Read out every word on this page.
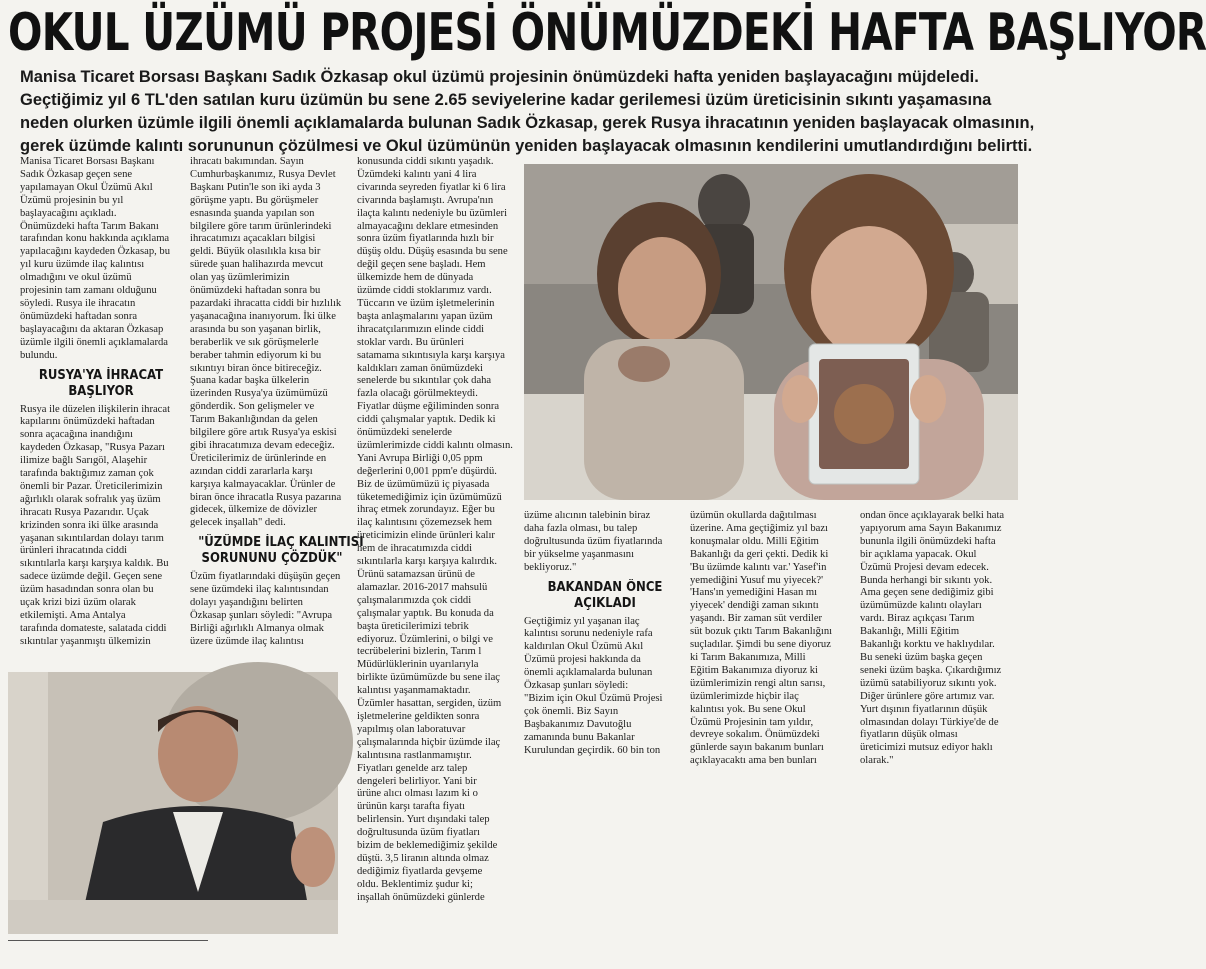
OKUL ÜZÜMÜ PROJESİ ÖNÜMÜZDEKİ HAFTA BAŞLIYOR
Manisa Ticaret Borsası Başkanı Sadık Özkasap okul üzümü projesinin önümüzdeki hafta yeniden başlayacağını müjdeledi.
Geçtiğimiz yıl 6 TL'den satılan kuru üzümün bu sene 2.65 seviyelerine kadar gerilemesi üzüm üreticisinin sıkıntı yaşamasına
neden olurken üzümle ilgili önemli açıklamalarda bulunan Sadık Özkasap, gerek Rusya ihracatının yeniden başlayacak olmasının,
gerek üzümde kalıntı sorununun çözülmesi ve Okul üzümünün yeniden başlayacak olmasının kendilerini umutlandırdığını belirtti.
Manisa Ticaret Borsası Başkanı
Sadık Özkasap geçen sene
yapılamayan Okul Üzümü Akıl
Üzümü projesinin bu yıl
başlayacağını açıkladı.
Önümüzdeki hafta Tarım Bakanı
tarafından konu hakkında açıklama
yapılacağını kaydeden Özkasap, bu
yıl kuru üzümde ilaç kalıntısı
olmadığını ve okul üzümü
projesinin tam zamanı olduğunu
söyledi. Rusya ile ihracatın
önümüzdeki haftadan sonra
başlayacağını da aktaran Özkasap
üzümle ilgili önemli açıklamalarda
bulundu.
RUSYA'YA İHRACAT
BAŞLIYOR
Rusya ile düzelen ilişkilerin ihracat
kapılarını önümüzdeki haftadan
sonra açacağına inandığını
kaydeden Özkasap, "Rusya Pazarı
ilimize bağlı Sarıgöl, Alaşehir
tarafında baktığımız zaman çok
önemli bir Pazar. Üreticilerimizin
ağırlıklı olarak sofralık yaş üzüm
ihracatı Rusya Pazarıdır. Uçak
krizinden sonra iki ülke arasında
yaşanan sıkıntılardan dolayı tarım
ürünleri ihracatında ciddi
sıkıntılarla karşı karşıya kaldık. Bu
sadece üzümde değil. Geçen sene
üzüm hasadından sonra olan bu
uçak krizi bizi üzüm olarak
etkilemişti. Ama Antalya
tarafında domateste, salatada ciddi
sıkıntılar yaşanmıştı ülkemizin
ihracatı bakımından. Sayın
Cumhurbaşkanımız, Rusya Devlet
Başkanı Putin'le son iki ayda 3
görüşme yaptı. Bu görüşmeler
esnasında şuanda yapılan son
bilgilere göre tarım ürünlerindeki
ihracatımızı açacakları bilgisi
geldi. Büyük olasılıkla kısa bir
sürede şuan halihazırda mevcut
olan yaş üzümlerimizin
önümüzdeki haftadan sonra bu
pazardaki ihracatta ciddi bir hızlılık
yaşanacağına inanıyorum. İki ülke
arasında bu son yaşanan birlik,
beraberlik ve sık görüşmelerle
beraber tahmin ediyorum ki bu
sıkıntıyı biran önce bitireceğiz.
Şuana kadar başka ülkelerin
üzerinden Rusya'ya üzümümüzü
gönderdik. Son gelişmeler ve
Tarım Bakanlığından da gelen
bilgilere göre artık Rusya'ya eskisi
gibi ihracatımıza devam edeceğiz.
Üreticilerimiz de ürünlerinde en
azından ciddi zararlarla karşı
karşıya kalmayacaklar. Ürünler de
biran önce ihracatla Rusya pazarına
gidecek, ülkemize de dövizler
gelecek inşallah" dedi.
"ÜZÜMDE İLAÇ KALINTISI
SORUNUNU ÇÖZDÜK"
Üzüm fiyatlarındaki düşüşün geçen
sene üzümdeki ilaç kalıntısından
dolayı yaşandığını belirten
Özkasap şunları söyledi: "Avrupa
Birliği ağırlıklı Almanya olmak
üzere üzümde ilaç kalıntısı
konusunda ciddi sıkıntı yaşadık.
Üzümdeki kalıntı yani 4 lira
civarında seyreden fiyatlar ki 6 lira
civarında başlamıştı. Avrupa'nın
ilaçta kalıntı nedeniyle bu üzümleri
almayacağını deklare etmesinden
sonra üzüm fiyatlarında hızlı bir
düşüş oldu. Düşüş esasında bu sene
değil geçen sene başladı. Hem
ülkemizde hem de dünyada
üzümde ciddi stoklarımız vardı.
Tüccarın ve üzüm işletmelerinin
başta anlaşmalarını yapan üzüm
ihracatçılarımızın elinde ciddi
stoklar vardı. Bu ürünleri
satamama sıkıntısıyla karşı karşıya
kaldıkları zaman önümüzdeki
senelerde bu sıkıntılar çok daha
fazla olacağı görülmekteydi.
Fiyatlar düşme eğiliminden sonra
ciddi çalışmalar yaptık. Dedik ki
önümüzdeki senelerde
üzümlerimizde ciddi kalıntı olmasın.
Yani Avrupa Birliği 0,05 ppm
değerlerini 0,001 ppm'e düşürdü.
Biz de üzümümüzü iç piyasada
tüketemediğimiz için üzümümüzü
ihraç etmek zorundayız. Eğer bu
ilaç kalıntısını çözemezsek hem
üreticimizin elinde ürünleri kalır
hem de ihracatımızda ciddi
sıkıntılarla karşı karşıya kalırdık.
Ürünü satamazsan ürünü de
alamazlar. 2016-2017 mahsulü
çalışmalarımızda çok ciddi
çalışmalar yaptık. Bu konuda da
başta üreticilerimizi tebrik
ediyoruz. Üzümlerini, o bilgi ve
tecrübelerini bizlerin, Tarım l
Müdürlüklerinin uyarılarıyla
birlikte üzümümüzde bu sene ilaç
kalıntısı yaşanmamaktadır.
Üzümler hasattan, sergiden, üzüm
işletmelerine geldikten sonra
yapılmış olan laboratuvar
çalışmalarında hiçbir üzümde ilaç
kalıntısına rastlanmamıştır.
Fiyatları genelde arz talep
dengeleri belirliyor. Yani bir
ürüne alıcı olması lazım ki o
ürünün karşı tarafta fiyatı
belirlensin. Yurt dışındaki talep
doğrultusunda üzüm fiyatları
bizim de beklemediğimiz şekilde
düştü. 3,5 liranın altında olmaz
dediğimiz fiyatlarda gevşeme
oldu. Beklentimiz şudur ki;
inşallah önümüzdeki günlerde
üzüme alıcının talebinin biraz
daha fazla olması, bu talep
doğrultusunda üzüm fiyatlarında
bir yükselme yaşanmasını
bekliyoruz."
BAKANDAN ÖNCE
AÇIKLADI
Geçtiğimiz yıl yaşanan ilaç
kalıntısı sorunu nedeniyle rafa
kaldırılan Okul Üzümü Akıl
Üzümü projesi hakkında da
önemli açıklamalarda bulunan
Özkasap şunları söyledi:
"Bizim için Okul Üzümü Projesi
çok önemli. Biz Sayın
Başbakanımız Davutoğlu
zamanında bunu Bakanlar
Kurulundan geçirdik. 60 bin ton
üzümün okullarda dağıtılması
üzerine. Ama geçtiğimiz yıl bazı
konuşmalar oldu. Milli Eğitim
Bakanlığı da geri çekti. Dedik ki
'Bu üzümde kalıntı var.' Yasef'in
yemediğini Yusuf mu yiyecek?'
'Hans'ın yemediğini Hasan mı
yiyecek' dendiği zaman sıkıntı
yaşandı. Bir zaman süt verdiler
süt bozuk çıktı Tarım Bakanlığını
suçladılar. Şimdi bu sene diyoruz
ki Tarım Bakanımıza, Milli
Eğitim Bakanımıza diyoruz ki
üzümlerimizin rengi altın sarısı,
üzümlerimizde hiçbir ilaç
kalıntısı yok. Bu sene Okul
Üzümü Projesinin tam yıldır,
devreye sokalım. Önümüzdeki
günlerde sayın bakanım bunları
açıklayacaktı ama ben bunları
ondan önce açıklayarak belki hata
yapıyorum ama Sayın Bakanımız
bununla ilgili önümüzdeki hafta
bir açıklama yapacak. Okul
Üzümü Projesi devam edecek.
Bunda herhangi bir sıkıntı yok.
Ama geçen sene dediğimiz gibi
üzümümüzde kalıntı olayları
vardı. Biraz açıkçası Tarım
Bakanlığı, Milli Eğitim
Bakanlığı korktu ve haklıydılar.
Bu seneki üzüm başka geçen
seneki üzüm başka. Çıkardığımız
üzümü satabiliyoruz sıkıntı yok.
Diğer ürünlere göre artımız var.
Yurt dışının fiyatlarının düşük
olmasından dolayı Türkiye'de de
fiyatların düşük olması
üreticimizi mutsuz ediyor haklı
olarak."
